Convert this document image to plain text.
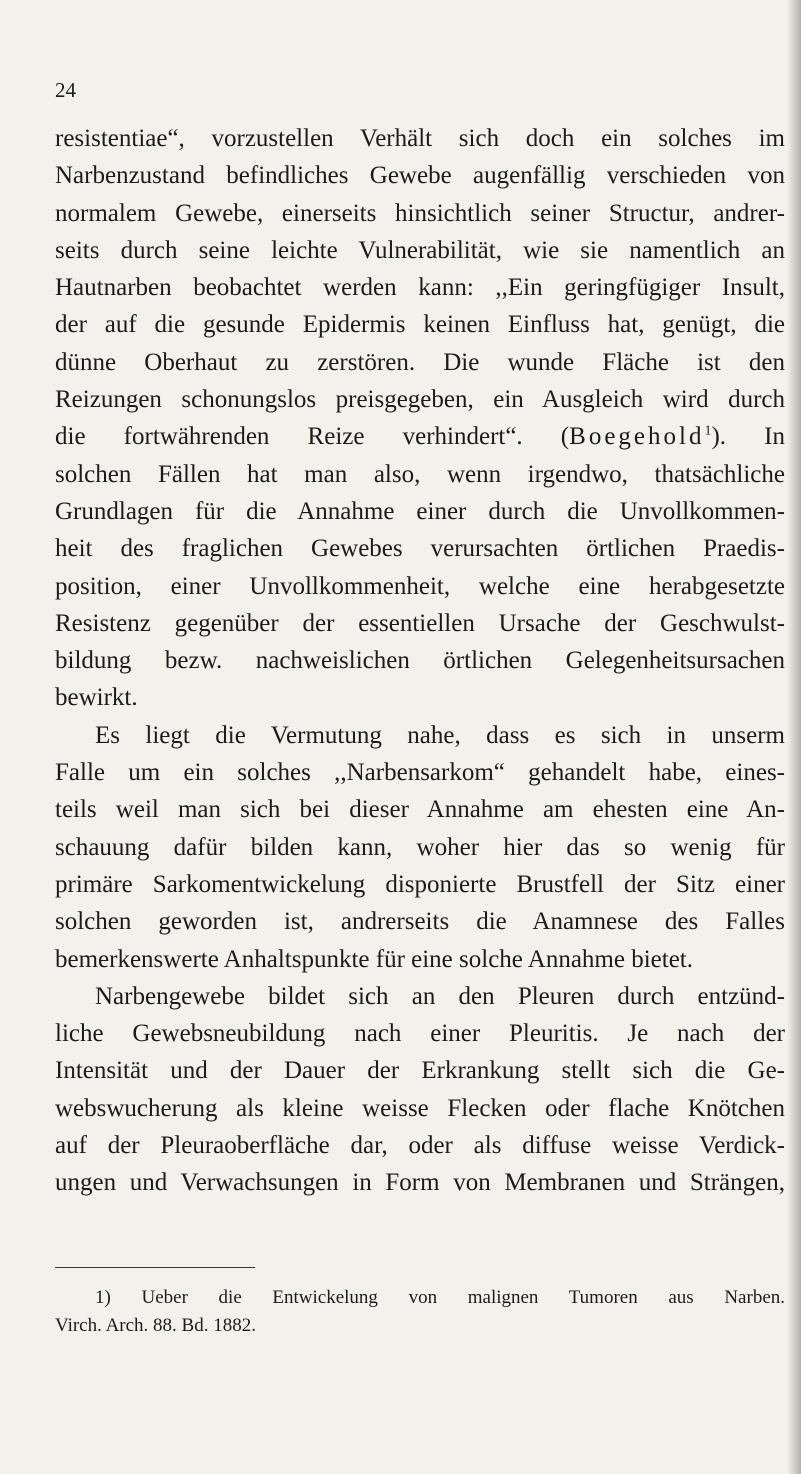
24
resistentiae“, vorzustellen Verhält sich doch ein solches im
Narbenzustand befindliches Gewebe augenfällig verschieden von
normalem Gewebe, einerseits hinsichtlich seiner Structur, andrer-
seits durch seine leichte Vulnerabilität, wie sie namentlich an
Hautnarben beobachtet werden kann: ,,Ein geringfügiger Insult,
der auf die gesunde Epidermis keinen Einfluss hat, genügt, die
dünne Oberhaut zu zerstören. Die wunde Fläche ist den
Reizungen schonungslos preisgegeben, ein Ausgleich wird durch
die fortwährenden Reize verhindert“. (Boegehold$^1$). In
solchen Fällen hat man also, wenn irgendwo, thatsächliche
Grundlagen für die Annahme einer durch die Unvollkommen-
heit des fraglichen Gewebes verursachten örtlichen Praedis-
position, einer Unvollkommenheit, welche eine herabgesetzte
Resistenz gegenüber der essentiellen Ursache der Geschwulst-
bildung bezw. nachweislichen örtlichen Gelegenheitsursachen
bewirkt.
Es liegt die Vermutung nahe, dass es sich in unserm
Falle um ein solches ,,Narbensarkom“ gehandelt habe, eines-
teils weil man sich bei dieser Annahme am ehesten eine An-
schauung dafür bilden kann, woher hier das so wenig für
primäre Sarkomentwickelung disponierte Brustfell der Sitz einer
solchen geworden ist, andrerseits die Anamnese des Falles
bemerkenswerte Anhaltspunkte für eine solche Annahme bietet.
Narbengewebe bildet sich an den Pleuren durch entzünd-
liche Gewebsneubildung nach einer Pleuritis. Je nach der
Intensität und der Dauer der Erkrankung stellt sich die Ge-
webswucherung als kleine weisse Flecken oder flache Knötchen
auf der Pleuraoberfläche dar, oder als diffuse weisse Verdick-
ungen und Verwachsungen in Form von Membranen und Strängen,
1) Ueber die Entwickelung von malignen Tumoren aus Narben.
Virch. Arch. 88. Bd. 1882.
